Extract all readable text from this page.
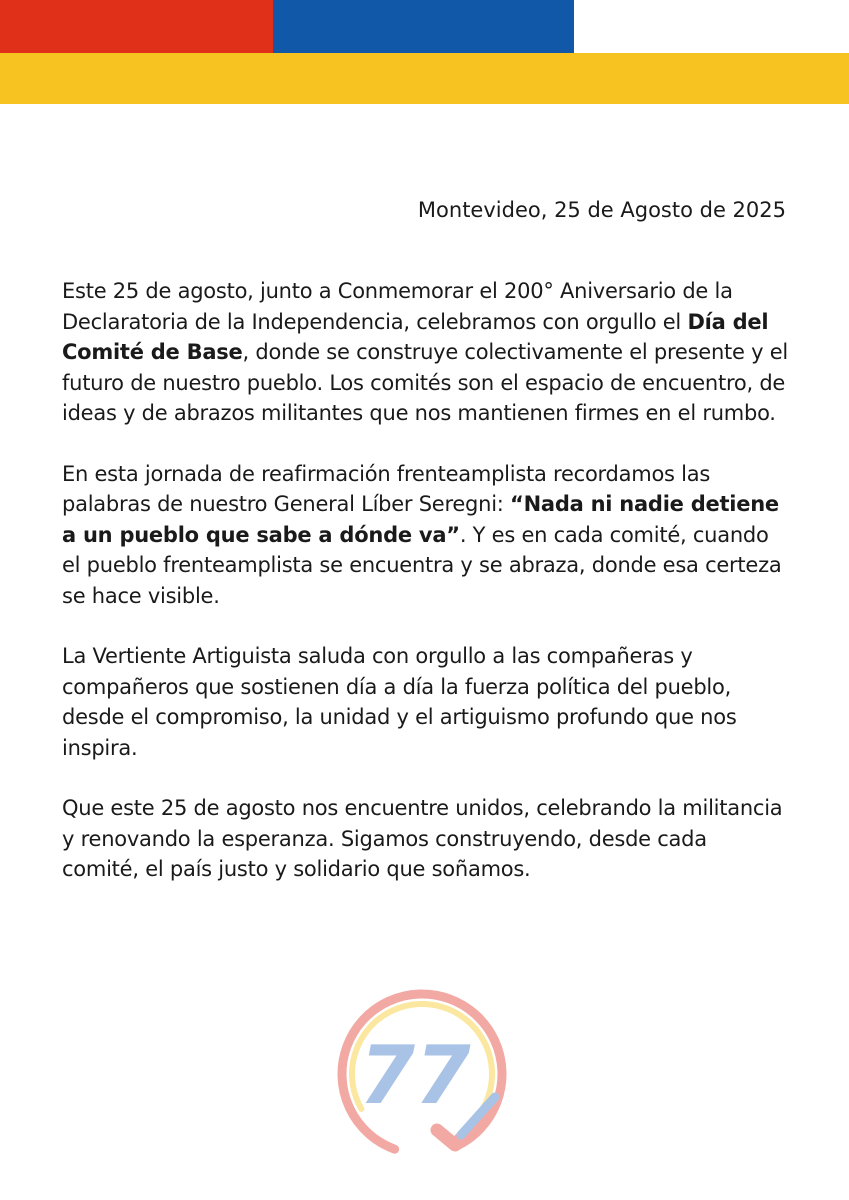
Montevideo, 25 de Agosto de 2025

Este 25 de agosto, junto a Conmemorar el 200° Aniversario de la Declaratoria de la Independencia, celebramos con orgullo el Día del Comité de Base, donde se construye colectivamente el presente y el futuro de nuestro pueblo. Los comités son el espacio de encuentro, de ideas y de abrazos militantes que nos mantienen firmes en el rumbo.

En esta jornada de reafirmación frenteamplista recordamos las palabras de nuestro General Líber Seregni: “Nada ni nadie detiene a un pueblo que sabe a dónde va”. Y es en cada comité, cuando el pueblo frenteamplista se encuentra y se abraza, donde esa certeza se hace visible.

La Vertiente Artiguista saluda con orgullo a las compañeras y compañeros que sostienen día a día la fuerza política del pueblo, desde el compromiso, la unidad y el artiguismo profundo que nos inspira.

Que este 25 de agosto nos encuentre unidos, celebrando la militancia y renovando la esperanza. Sigamos construyendo, desde cada comité, el país justo y solidario que soñamos.

77
